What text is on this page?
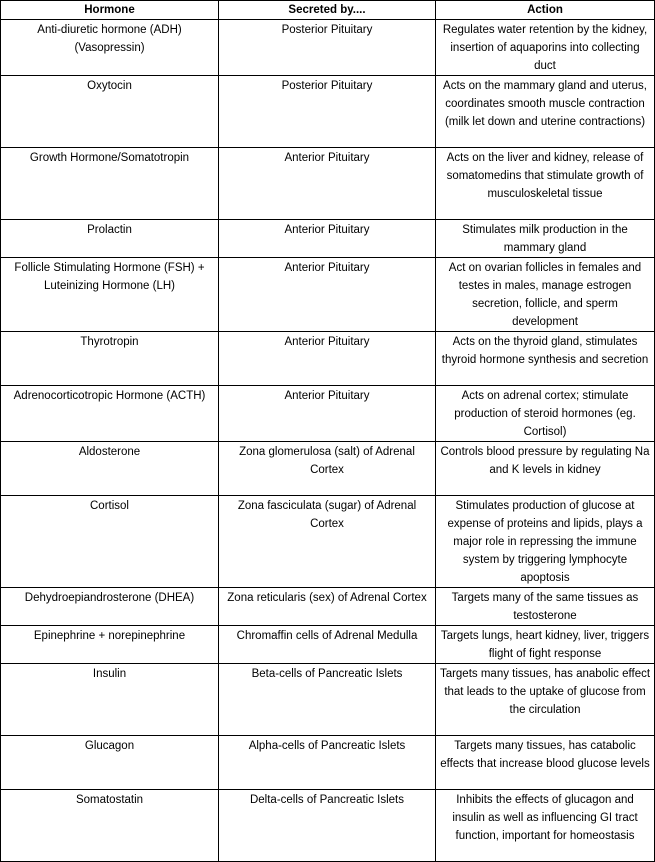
Hormone	Secreted by....	Action
Anti-diuretic hormone (ADH) (Vasopressin)	Posterior Pituitary	Regulates water retention by the kidney, insertion of aquaporins into collecting duct
Oxytocin	Posterior Pituitary	Acts on the mammary gland and uterus, coordinates smooth muscle contraction (milk let down and uterine contractions)
Growth Hormone/Somatotropin	Anterior Pituitary	Acts on the liver and kidney, release of somatomedins that stimulate growth of musculoskeletal tissue
Prolactin	Anterior Pituitary	Stimulates milk production in the mammary gland
Follicle Stimulating Hormone (FSH) + Luteinizing Hormone (LH)	Anterior Pituitary	Act on ovarian follicles in females and testes in males, manage estrogen secretion, follicle, and sperm development
Thyrotropin	Anterior Pituitary	Acts on the thyroid gland, stimulates thyroid hormone synthesis and secretion
Adrenocorticotropic Hormone (ACTH)	Anterior Pituitary	Acts on adrenal cortex; stimulate production of steroid hormones (eg. Cortisol)
Aldosterone	Zona glomerulosa (salt) of Adrenal Cortex	Controls blood pressure by regulating Na and K levels in kidney
Cortisol	Zona fasciculata (sugar) of Adrenal Cortex	Stimulates production of glucose at expense of proteins and lipids, plays a major role in repressing the immune system by triggering lymphocyte apoptosis
Dehydroepiandrosterone (DHEA)	Zona reticularis (sex) of Adrenal Cortex	Targets many of the same tissues as testosterone
Epinephrine + norepinephrine	Chromaffin cells of Adrenal Medulla	Targets lungs, heart kidney, liver, triggers flight of fight response
Insulin	Beta-cells of Pancreatic Islets	Targets many tissues, has anabolic effect that leads to the uptake of glucose from the circulation
Glucagon	Alpha-cells of Pancreatic Islets	Targets many tissues, has catabolic effects that increase blood glucose levels
Somatostatin	Delta-cells of Pancreatic Islets	Inhibits the effects of glucagon and insulin as well as influencing GI tract function, important for homeostasis
